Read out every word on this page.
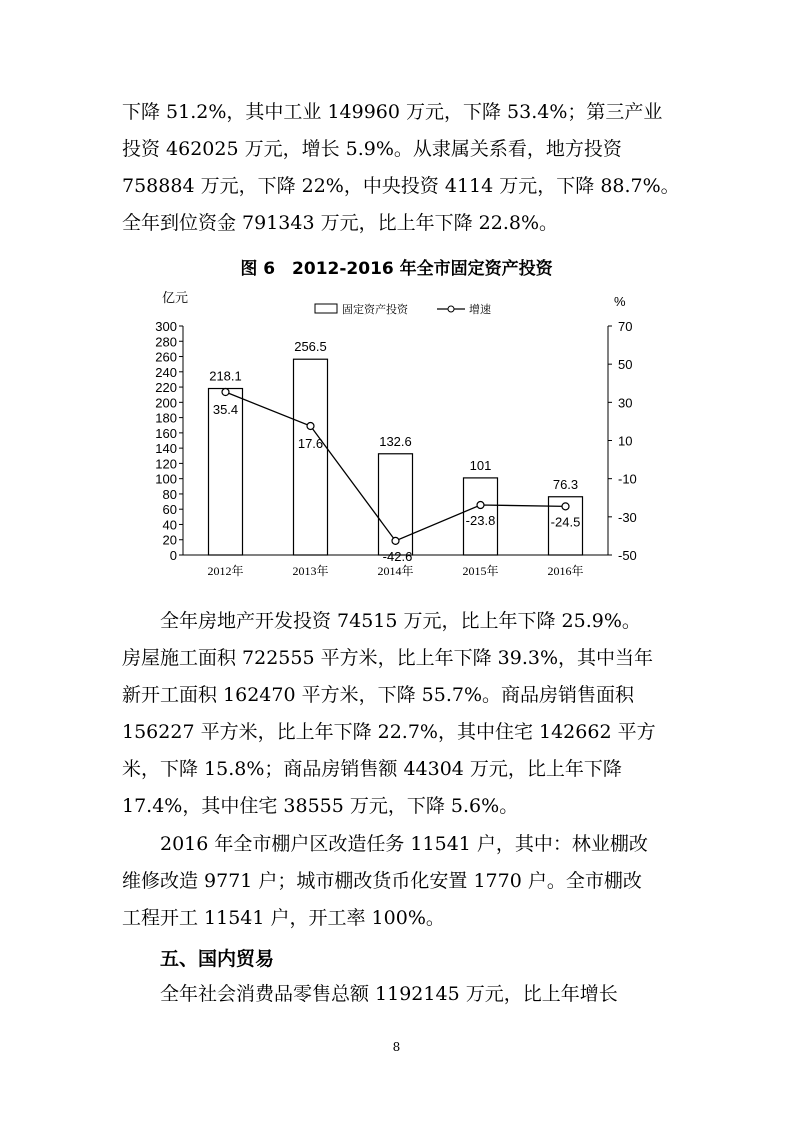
下降 51.2%，其中工业 149960 万元，下降 53.4%；第三产业
投资 462025 万元，增长 5.9%。从隶属关系看，地方投资
758884 万元，下降 22%，中央投资 4114 万元，下降 88.7%。
全年到位资金 791343 万元，比上年下降 22.8%。
图 6　2012-2016 年全市固定资产投资
亿元	%
0
20
40
60
80
100
120
140
160
180
200
220
240
260
280
300
-50
-30
-10
10
30
50
70
218.1
256.5
132.6
101
76.3
35.4
17.6
-42.6
-23.8	-24.5
2012年	2013年	2014年	2015年	2016年
固定资产投资	增速
　　全年房地产开发投资 74515 万元，比上年下降 25.9%。
房屋施工面积 722555 平方米，比上年下降 39.3%，其中当年
新开工面积 162470 平方米，下降 55.7%。商品房销售面积
156227 平方米，比上年下降 22.7%，其中住宅 142662 平方
米，下降 15.8%；商品房销售额 44304 万元，比上年下降
17.4%，其中住宅 38555 万元，下降 5.6%。
　　2016 年全市棚户区改造任务 11541 户，其中：林业棚改
维修改造 9771 户；城市棚改货币化安置 1770 户。全市棚改
工程开工 11541 户，开工率 100%。
五、国内贸易
　　全年社会消费品零售总额 1192145 万元，比上年增长
8
